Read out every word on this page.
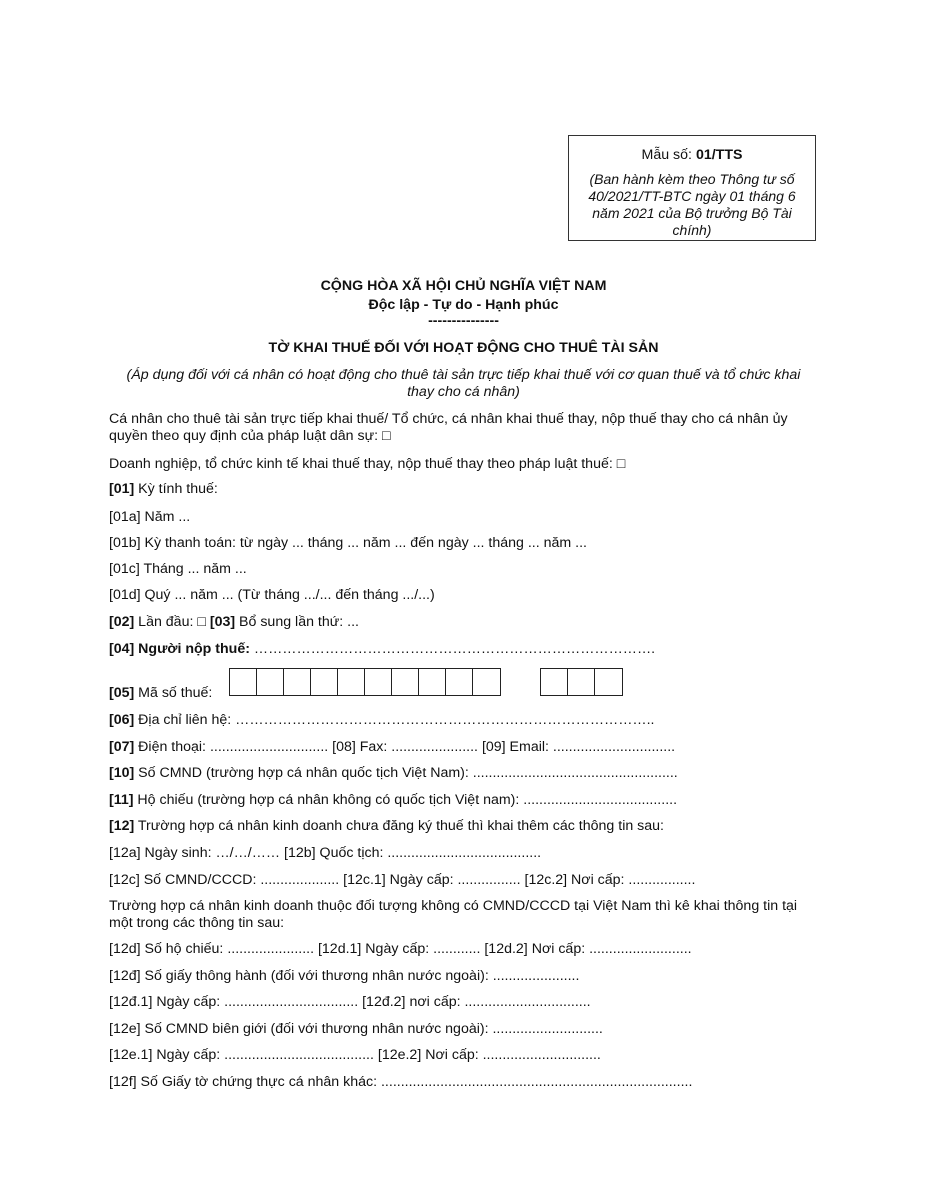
Mẫu số: 01/TTS
(Ban hành kèm theo Thông tư số 40/2021/TT-BTC ngày 01 tháng 6 năm 2021 của Bộ trưởng Bộ Tài chính)
CỘNG HÒA XÃ HỘI CHỦ NGHĨA VIỆT NAM
Độc lập - Tự do - Hạnh phúc
---------------
TỜ KHAI THUẾ ĐỐI VỚI HOẠT ĐỘNG CHO THUÊ TÀI SẢN
(Áp dụng đối với cá nhân có hoạt động cho thuê tài sản trực tiếp khai thuế với cơ quan thuế và tổ chức khai thay cho cá nhân)
Cá nhân cho thuê tài sản trực tiếp khai thuế/ Tổ chức, cá nhân khai thuế thay, nộp thuế thay cho cá nhân ủy quyền theo quy định của pháp luật dân sự: □
Doanh nghiệp, tổ chức kinh tế khai thuế thay, nộp thuế thay theo pháp luật thuế: □
[01] Kỳ tính thuế:
[01a] Năm ...
[01b] Kỳ thanh toán: từ ngày ... tháng ... năm ... đến ngày ... tháng ... năm ...
[01c] Tháng ... năm ...
[01d] Quý ... năm ... (Từ tháng .../... đến tháng .../...)
[02] Lần đầu: □ [03] Bổ sung lần thứ: ...
[04] Người nộp thuế: ………………………………………………………………………….
[05] Mã số thuế:
[06] Địa chỉ liên hệ: ……………………………………………………………………………..
[07] Điện thoại: .............................. [08] Fax: ...................... [09] Email: ...............................
[10] Số CMND (trường hợp cá nhân quốc tịch Việt Nam): ....................................................
[11] Hộ chiếu (trường hợp cá nhân không có quốc tịch Việt nam): .......................................
[12] Trường hợp cá nhân kinh doanh chưa đăng ký thuế thì khai thêm các thông tin sau:
[12a] Ngày sinh: …/…/…… [12b] Quốc tịch: .......................................
[12c] Số CMND/CCCD: .................... [12c.1] Ngày cấp: ................ [12c.2] Nơi cấp: .................
Trường hợp cá nhân kinh doanh thuộc đối tượng không có CMND/CCCD tại Việt Nam thì kê khai thông tin tại một trong các thông tin sau:
[12d] Số hộ chiếu: ...................... [12d.1] Ngày cấp: ............ [12d.2] Nơi cấp: ..........................
[12đ] Số giấy thông hành (đối với thương nhân nước ngoài): ......................
[12đ.1] Ngày cấp: .................................. [12đ.2] nơi cấp: ................................
[12e] Số CMND biên giới (đối với thương nhân nước ngoài): ............................
[12e.1] Ngày cấp: ...................................... [12e.2] Nơi cấp: ..............................
[12f] Số Giấy tờ chứng thực cá nhân khác: ...............................................................................
